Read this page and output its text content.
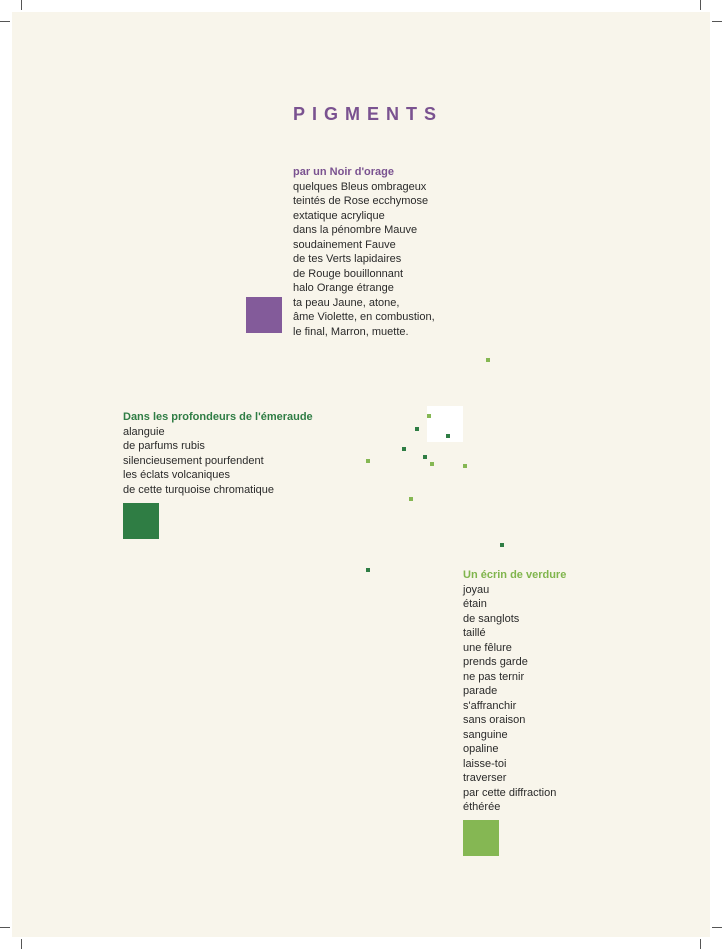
PIGMENTS
par un Noir d'orage
quelques Bleus ombrageux
teintés de Rose ecchymose
extatique acrylique
dans la pénombre Mauve
soudainement Fauve
de tes Verts lapidaires
de Rouge bouillonnant
halo Orange étrange
ta peau Jaune, atone,
âme Violette, en combustion,
le final, Marron, muette.
Dans les profondeurs de l'émeraude
alanguie
de parfums rubis
silencieusement pourfendent
les éclats volcaniques
de cette turquoise chromatique
Un écrin de verdure
joyau
étain
de sanglots
taillé
une fêlure
prends garde
ne pas ternir
parade
s'affranchir
sans oraison
sanguine
opaline
laisse-toi
traverser
par cette diffraction
éthérée
